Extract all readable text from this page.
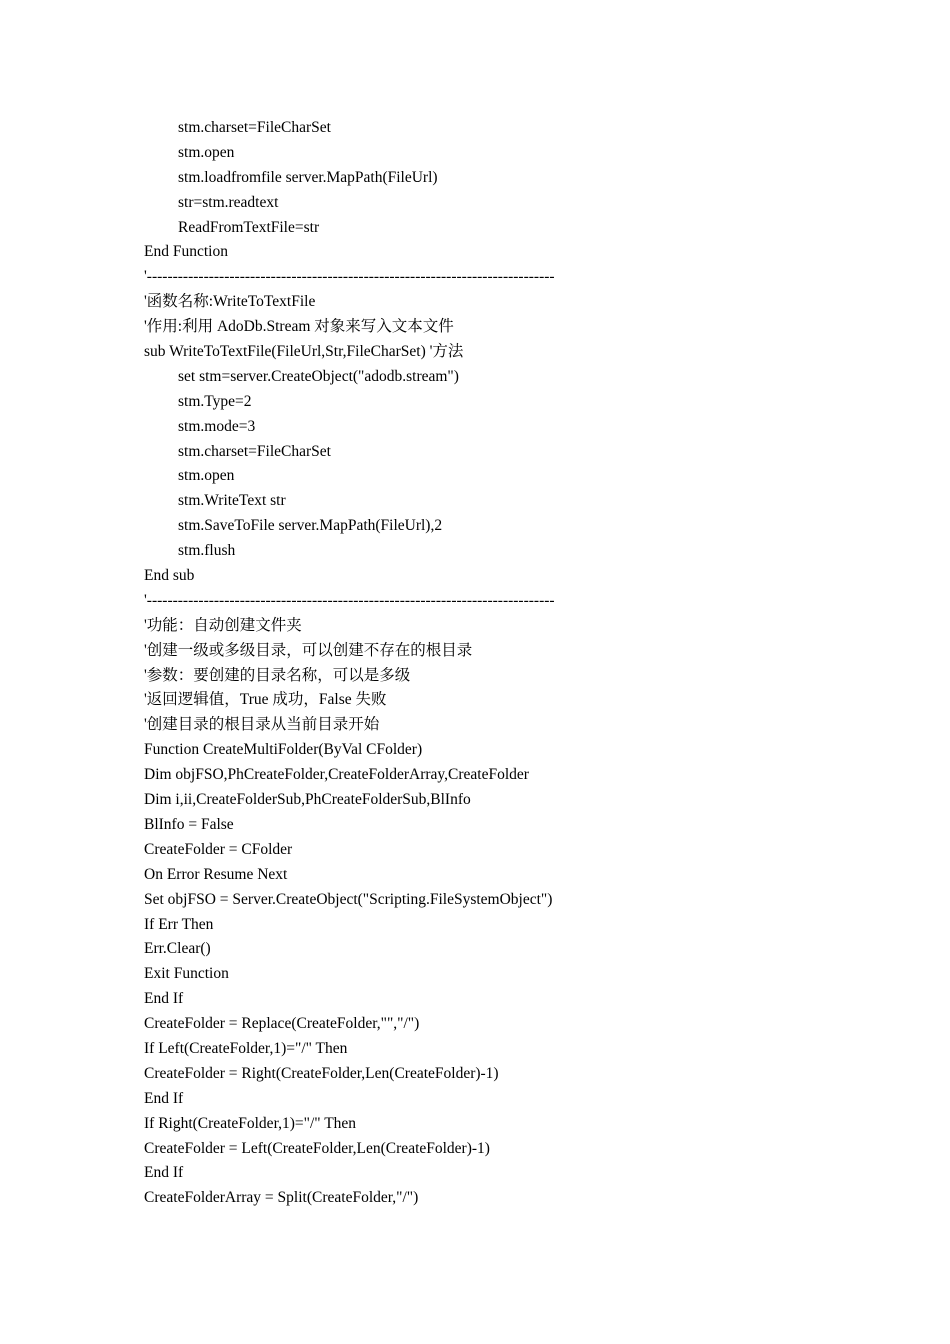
stm.charset=FileCharSet
stm.open
stm.loadfromfile server.MapPath(FileUrl)
str=stm.readtext
ReadFromTextFile=str
End Function
'-------------------------------------------------------------------------------
'函数名称:WriteToTextFile
'作用:利用 AdoDb.Stream 对象来写入文本文件
sub WriteToTextFile(FileUrl,Str,FileCharSet) '方法
set stm=server.CreateObject("adodb.stream")
stm.Type=2
stm.mode=3
stm.charset=FileCharSet
stm.open
stm.WriteText str
stm.SaveToFile server.MapPath(FileUrl),2
stm.flush
End sub
'-------------------------------------------------------------------------------
'功能：自动创建文件夹
'创建一级或多级目录，可以创建不存在的根目录
'参数：要创建的目录名称，可以是多级
'返回逻辑值，True 成功，False 失败
'创建目录的根目录从当前目录开始
Function CreateMultiFolder(ByVal CFolder)
Dim objFSO,PhCreateFolder,CreateFolderArray,CreateFolder
Dim i,ii,CreateFolderSub,PhCreateFolderSub,BlInfo
BlInfo = False
CreateFolder = CFolder
On Error Resume Next
Set objFSO = Server.CreateObject("Scripting.FileSystemObject")
If Err Then
Err.Clear()
Exit Function
End If
CreateFolder = Replace(CreateFolder,"","/")
If Left(CreateFolder,1)="/" Then
CreateFolder = Right(CreateFolder,Len(CreateFolder)-1)
End If
If Right(CreateFolder,1)="/" Then
CreateFolder = Left(CreateFolder,Len(CreateFolder)-1)
End If
CreateFolderArray = Split(CreateFolder,"/")
